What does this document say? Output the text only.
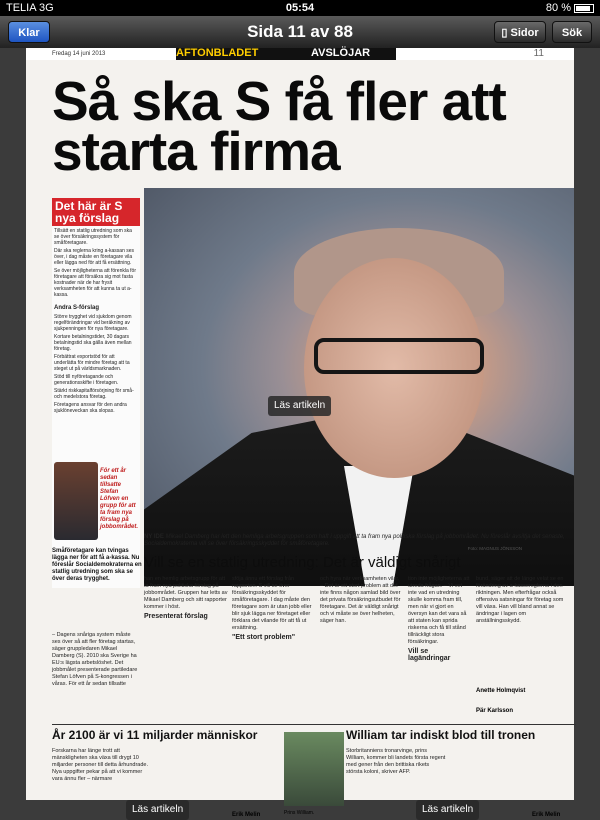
TELIA 3G	05:54	80 %
Klar	Sida 11 av 88	▯ Sidor	Sök
Fredag 14 juni 2013	AFTONBLADET	AVSLÖJAR	11
Så ska S få fler att starta firma
Det här är S nya förslag
Tillsätt en statlig utredning som ska se över försäkringssystem för småföretagare.
Där ska reglerna kring a-kassan ses över, i dag måste en företagare vila eller lägga ned för att få ersättning.
Se över möjligheterna att förenkla för företagare att försäkra sig mot fasta kostnader när de har frysit verksamheten för att kunna ta ut a-kassa.
Andra S-förslag
Större trygghet vid sjukdom genom regelförändringar vid beräkning av sjukpenningen för nya företagare.
Kortare betalningstider, 30 dagars betalningstid ska gälla även mellan företag.
Förbättrat exportstöd för att underlätta för mindre företag att ta steget ut på världsmarknaden.
Stöd till nyföretagande och generationsskifte i företagen.
Stärkt riskkapitalförsörjning för små- och medelstora företag.
Företagens ansvar för den andra sjuklöneveckan ska slopas.
För ett år sedan tillsatte Stefan Löfven en grupp för att ta fram nya förslag på jobbområdet.
Läs artikeln
NY IDE Mikael Damberg har lett den hemliga arbetsgruppen som haft i uppgift att ta fram nya politiska förslag på jobbområdet. Nu föreslår avsiltja det senaste, Socialdemokraterna vill se över försäkringsskyddet för småföretagare.
Foto: MAGNUS JÖNSSON
Småföretagare kan tvingas lägga ner för att få a-kassa. Nu föreslår Socialdemokraterna en statlig utredning som ska se över deras trygghet.
Vill se en statlig utredning: Det är väldigt snårigt
– Dagens snåriga system måste ses över så att fler företag startas, säger gruppledaren Mikael Damberg (S). 2010 ska Sverige ha EU:s lägsta arbetslöshet. Det jobbmålet presenterade partiledare Stefan Löfven på S-kongressen i våras. För ett år sedan tillsatte
han en hemlig arbetsgrupp för att ta fram nya politiska förslag på jobbområdet. Gruppen har letts av Mikael Damberg och sitt rapporter kommer i höst.
Presenterat förslag
sföja ännu ett förslag från rapporten. S vill se över försäkringsskyddet för småföretagare. I dag måste den företagare som är utan jobb eller blir sjuk lägga ner företaget eller förklara det vilande för att få ut ersättning.
"Ett stort problem"
och hyra när verksamheten vilar. – Det är ett stort problem att det inte finns någon samlad bild över det privata försäkringsutbudet för företagare. Det är väldigt snårigt och vi måste se över helheten, säger han.
tion inte möjligheterna att utreda frågan. – Vi vet inte vad en utredning skulle komma fram till, men när vi gjort en översyn kan det vara så att staten kan sprida riskerna och få till stånd tillräckligt stora försäkringar.
Vill se lagändringar
bund, säger att de länge velat se en förändring av a-kassereglerna i den riktningen. Men efterfrågar också offensiva satsningar för företag som vill växa. Han vill bland annat se ändringar i lagen om anställningsskydd.
Anette Holmqvist
Pär Karlsson
År 2100 är vi 11 miljarder människor	William tar indiskt blod till tronen
Forskarna har länge trott att mänskligheten ska växa till drygt 10 miljarder personer till detta århundrade. Nya uppgifter pekar på att vi kommer vara ännu fler – närmare
Prins William.
Storbritanniens tronarvinge, prins William, kommer bli landets första regent med gener från den brittiska rikets största koloni, skriver AFP.
Erik Melin	Erik Melin
Läs artikeln	Läs artikeln
